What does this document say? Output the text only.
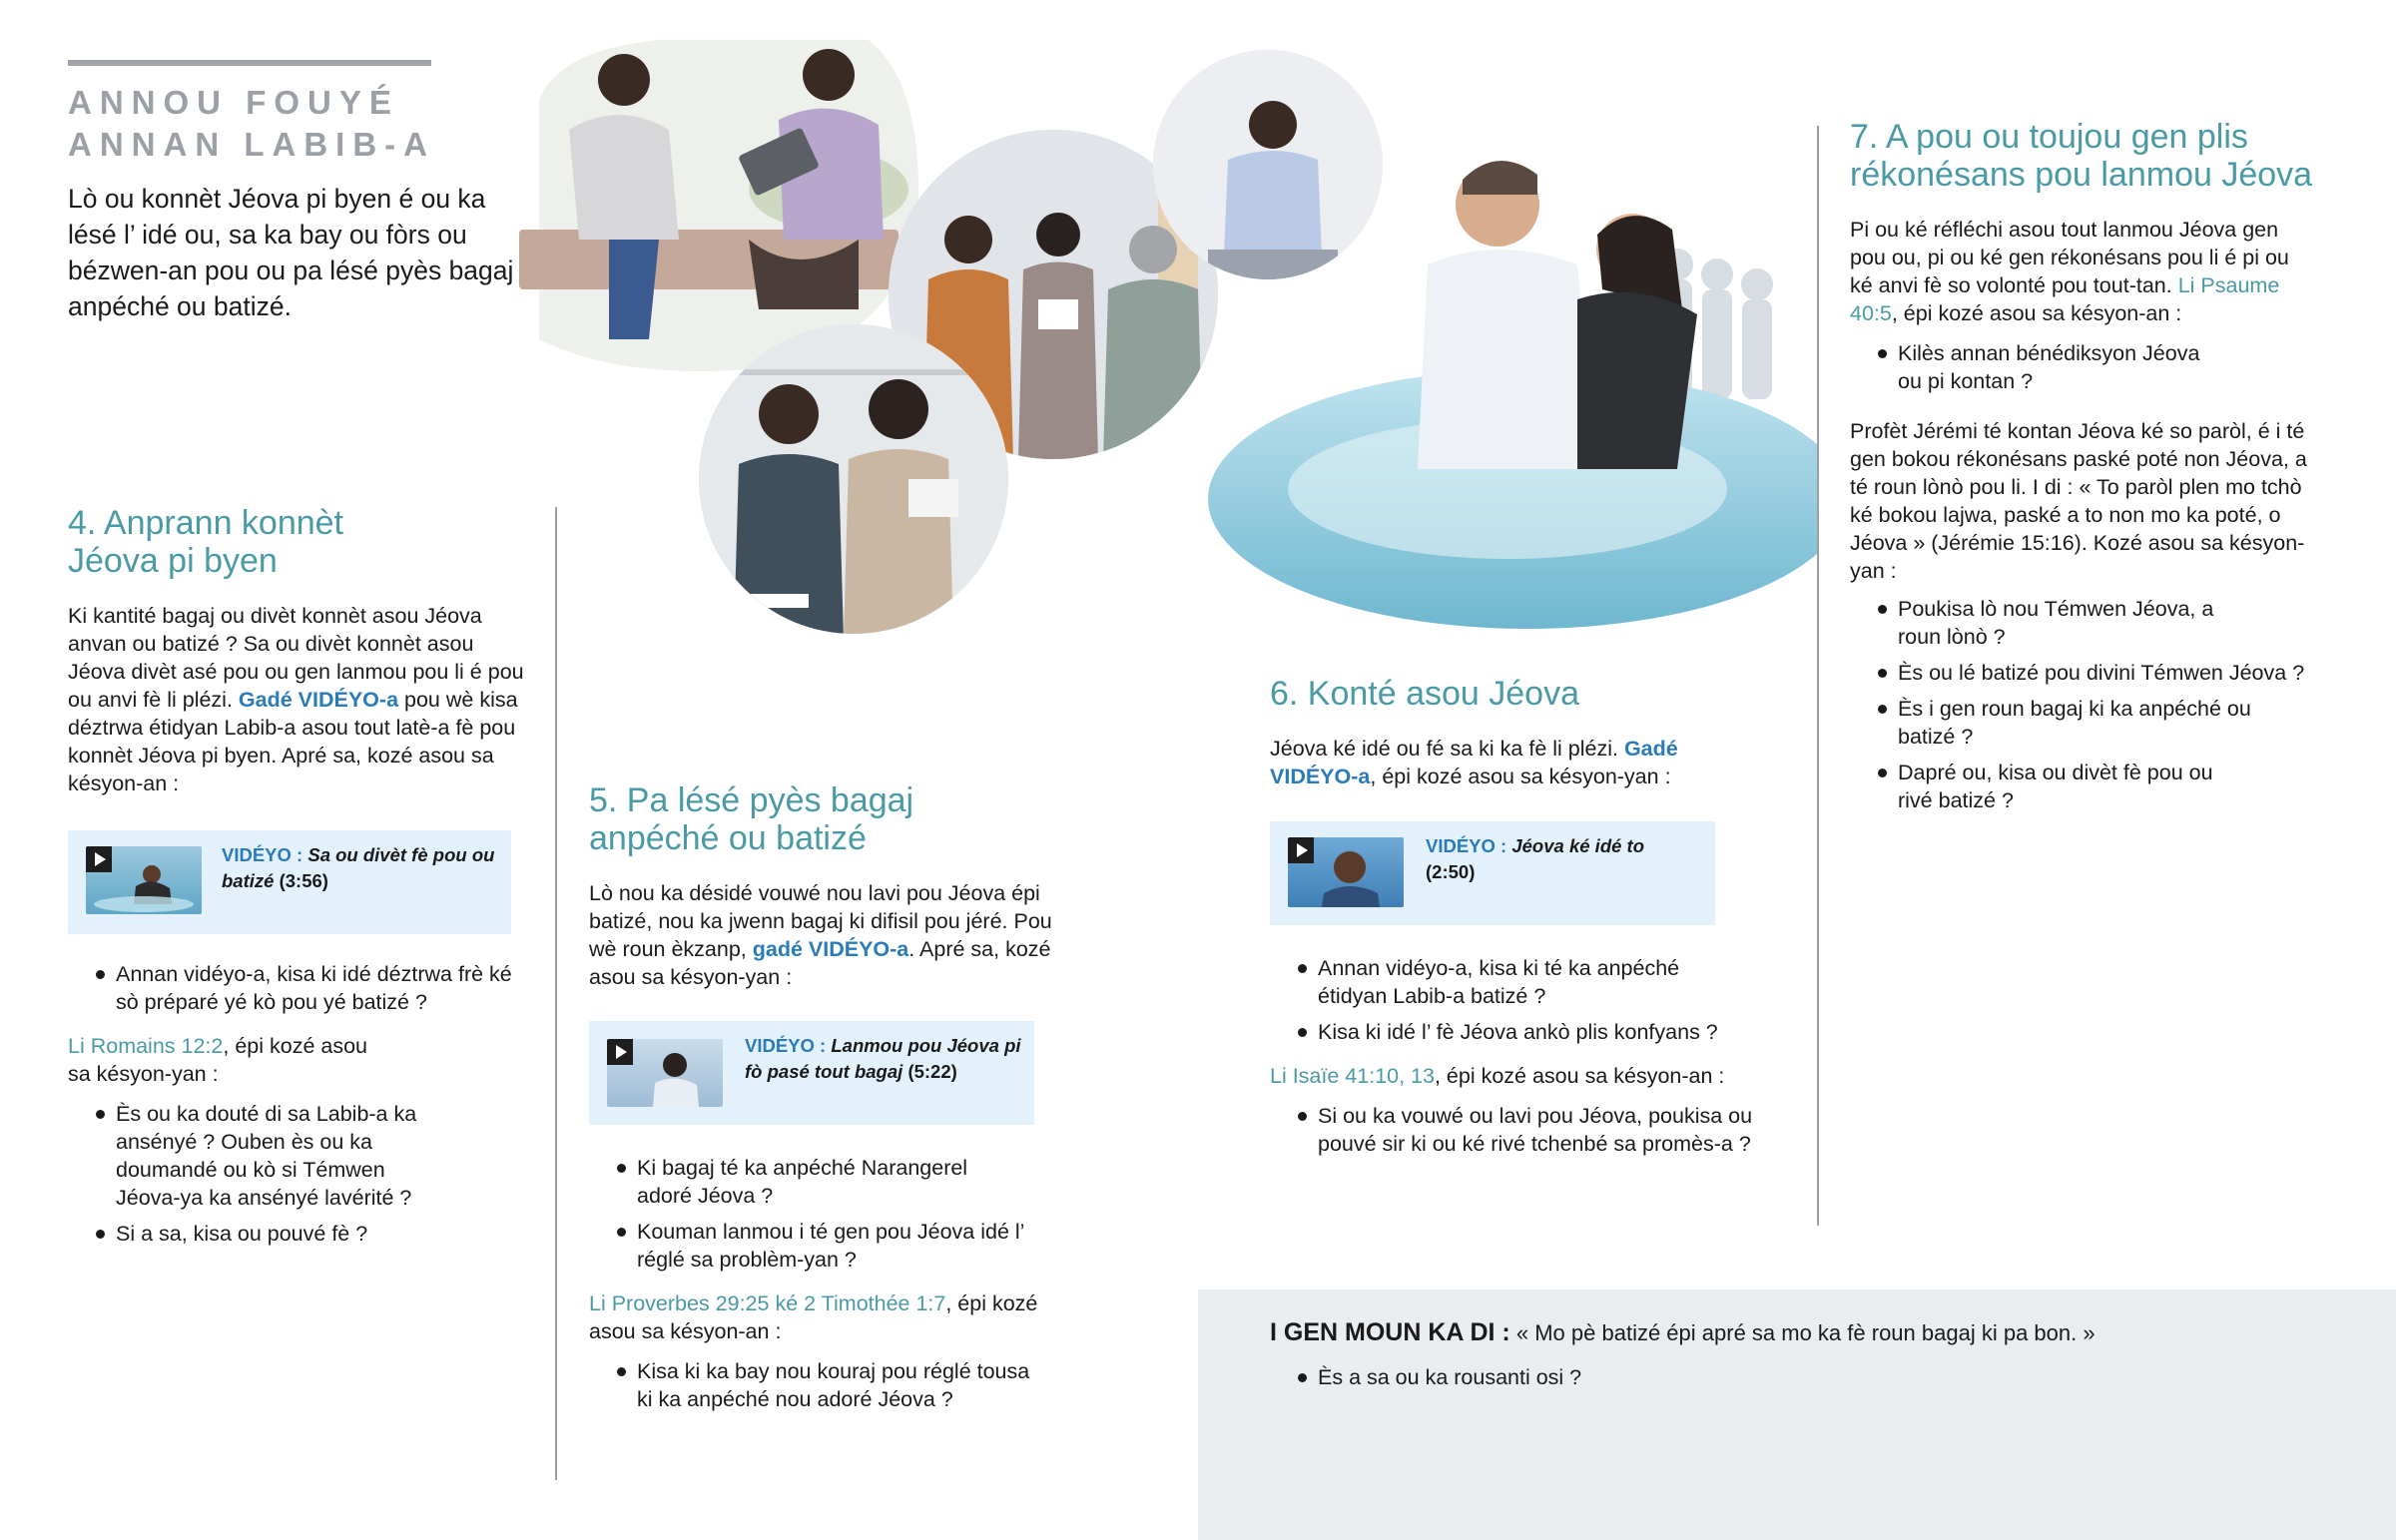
ANNOU FOUYÉ
ANNAN LABIB-A

Lò ou konnèt Jéova pi byen é ou ka lésé l’ idé ou, sa ka bay ou fòrs ou bézwen-an pou ou pa lésé pyès bagaj anpéché ou batizé.

4. Anprann konnèt
Jéova pi byen

Ki kantité bagaj ou divèt konnèt asou Jéova anvan ou batizé ? Sa ou divèt konnèt asou Jéova divèt asé pou ou gen lanmou pou li é pou ou anvi fè li plézi. Gadé VIDÉYO-a pou wè kisa déztrwa étidyan Labib-a asou tout latè-a fè pou konnèt Jéova pi byen. Apré sa, kozé asou sa késyon-an :

VIDÉYO : Sa ou divèt fè pou ou batizé (3:56)
Annan vidéyo-a, kisa ki idé déztrwa frè ké sò préparé yé kò pou yé batizé ?

Li Romains 12:2, épi kozé asou sa késyon-yan :

Ès ou ka douté di sa Labib-a ka ansényé ? Ouben ès ou ka doumandé ou kò si Témwen Jéova-ya ka ansényé lavérité ?
Si a sa, kisa ou pouvé fè ?
5. Pa lésé pyès bagaj
anpéché ou batizé

Lò nou ka désidé vouwé nou lavi pou Jéova épi batizé, nou ka jwenn bagaj ki difisil pou jéré. Pou wè roun èkzanp, gadé VIDÉYO-a. Apré sa, kozé asou sa késyon-yan :

VIDÉYO : Lanmou pou Jéova pi fò pasé tout bagaj (5:22)
Ki bagaj té ka anpéché Narangerel adoré Jéova ?
Kouman lanmou i té gen pou Jéova idé l’ réglé sa problèm-yan ?

Li Proverbes 29:25 ké 2 Timothée 1:7, épi kozé asou sa késyon-an :

Kisa ki ka bay nou kouraj pou réglé tousa ki ka anpéché nou adoré Jéova ?
6. Konté asou Jéova

Jéova ké idé ou fé sa ki ka fè li plézi. Gadé VIDÉYO-a, épi kozé asou sa késyon-yan :

VIDÉYO : Jéova ké idé to
(2:50)
Annan vidéyo-a, kisa ki té ka anpéché étidyan Labib-a batizé ?
Kisa ki idé l’ fè Jéova ankò plis konfyans ?

Li Isaïe 41:10, 13, épi kozé asou sa késyon-an :

Si ou ka vouwé ou lavi pou Jéova, poukisa ou pouvé sir ki ou ké rivé tchenbé sa promès-a ?
7. A pou ou toujou gen plis
rékonésans pou lanmou Jéova

Pi ou ké réfléchi asou tout lanmou Jéova gen pou ou, pi ou ké gen rékonésans pou li é pi ou ké anvi fè so volonté pou tout-tan. Li Psaume 40:5, épi kozé asou sa késyon-an :

Kilès annan bénédiksyon Jéova ou pi kontan ?

Profèt Jérémi té kontan Jéova ké so paròl, é i té gen bokou rékonésans paské poté non Jéova, a té roun lònò pou li. I di : « To paròl plen mo tchò ké bokou lajwa, paské a to non mo ka poté, o Jéova » (Jérémie 15:16). Kozé asou sa késyon-yan :

Poukisa lò nou Témwen Jéova, a roun lònò ?
Ès ou lé batizé pou divini Témwen Jéova ?
Ès i gen roun bagaj ki ka anpéché ou batizé ?
Dapré ou, kisa ou divèt fè pou ou rivé batizé ?

I GEN MOUN KA DI : « Mo pè batizé épi apré sa mo ka fè roun bagaj ki pa bon. »

Ès a sa ou ka rousanti osi ?
